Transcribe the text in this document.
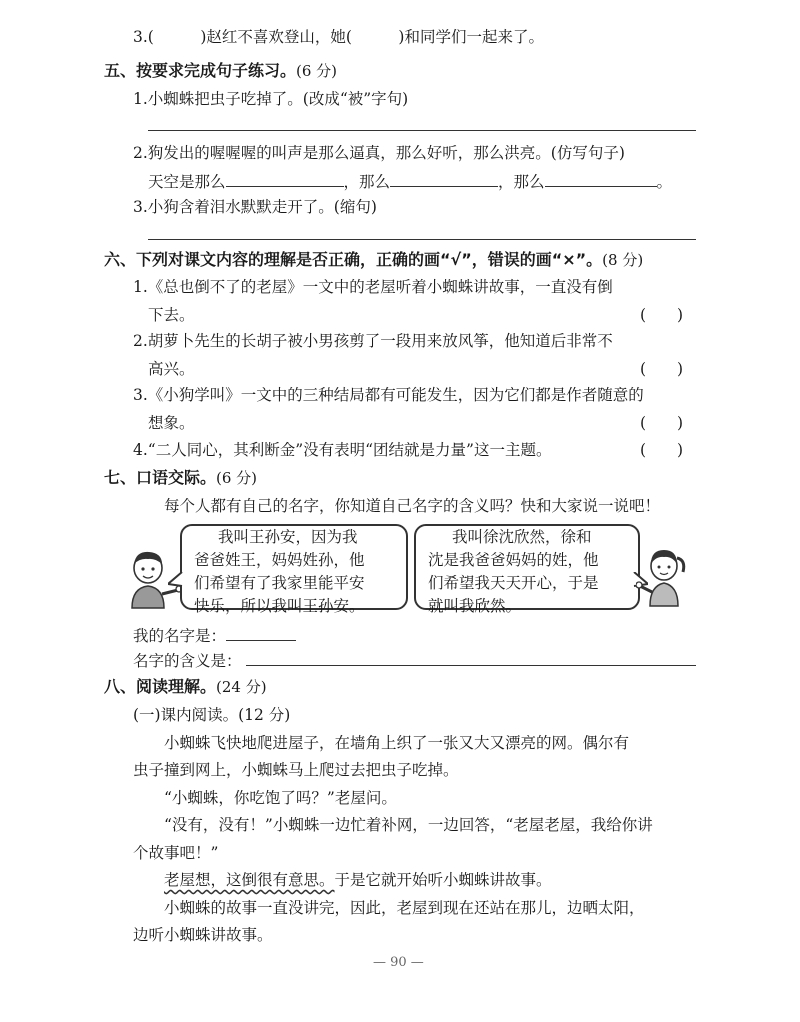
3.(　　　)赵红不喜欢登山，她(　　　)和同学们一起来了。
五、按要求完成句子练习。(6 分)
1.小蜘蛛把虫子吃掉了。(改成“被”字句)
2.狗发出的喔喔喔的叫声是那么逼真，那么好听，那么洪亮。(仿写句子)
天空是那么	，那么	，那么	。
3.小狗含着泪水默默走开了。(缩句)
六、下列对课文内容的理解是否正确，正确的画“√”，错误的画“×”。(8 分)
1.《总也倒不了的老屋》一文中的老屋听着小蜘蛛讲故事，一直没有倒
下去。	(　　)
2.胡萝卜先生的长胡子被小男孩剪了一段用来放风筝，他知道后非常不
高兴。	(　　)
3.《小狗学叫》一文中的三种结局都有可能发生，因为它们都是作者随意的
想象。	(　　)
4.“二人同心，其利断金”没有表明“团结就是力量”这一主题。	(　　)
七、口语交际。(6 分)
每个人都有自己的名字，你知道自己名字的含义吗？快和大家说一说吧！
我叫王孙安，因为我
爸爸姓王，妈妈姓孙，他
们希望有了我家里能平安
快乐，所以我叫王孙安。
我叫徐沈欣然，徐和
沈是我爸爸妈妈的姓，他
们希望我天天开心，于是
就叫我欣然。
我的名字是：
名字的含义是：
八、阅读理解。(24 分)
(一)课内阅读。(12 分)
小蜘蛛飞快地爬进屋子，在墙角上织了一张又大又漂亮的网。偶尔有
虫子撞到网上，小蜘蛛马上爬过去把虫子吃掉。
“小蜘蛛，你吃饱了吗？”老屋问。
“没有，没有！”小蜘蛛一边忙着补网，一边回答，“老屋老屋，我给你讲
个故事吧！”
老屋想，这倒很有意思。于是它就开始听小蜘蛛讲故事。
小蜘蛛的故事一直没讲完，因此，老屋到现在还站在那儿，边晒太阳，
边听小蜘蛛讲故事。
— 90 —
